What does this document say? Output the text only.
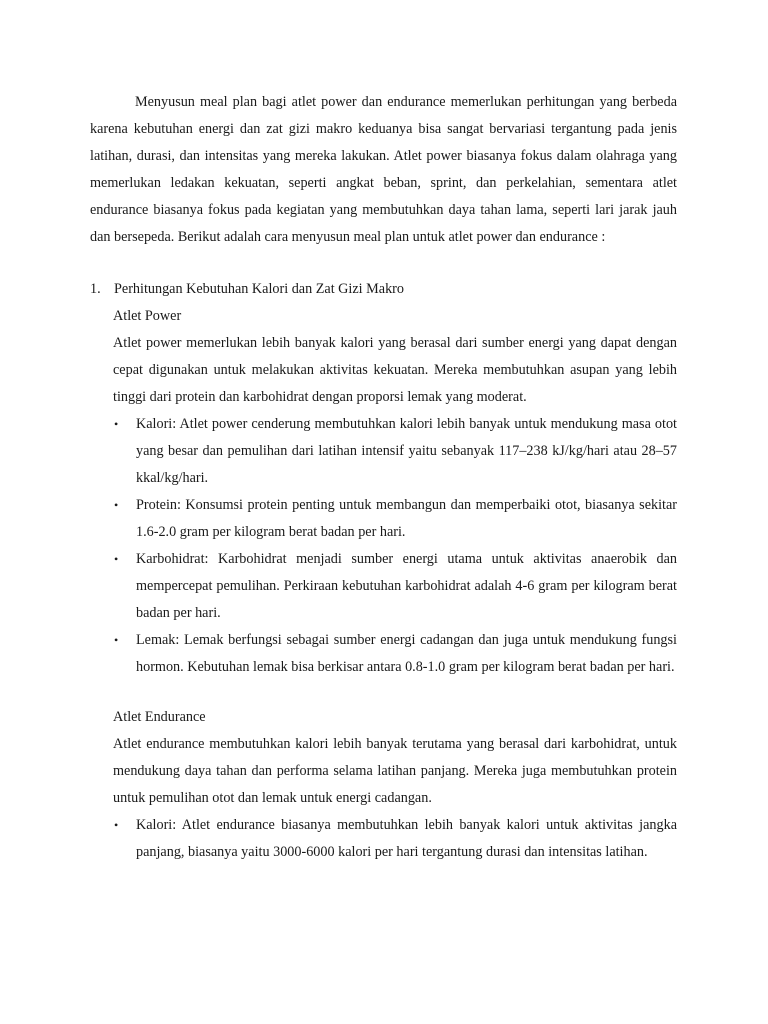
Menyusun meal plan bagi atlet power dan endurance memerlukan perhitungan yang berbeda karena kebutuhan energi dan zat gizi makro keduanya bisa sangat bervariasi tergantung pada jenis latihan, durasi, dan intensitas yang mereka lakukan. Atlet power biasanya fokus dalam olahraga yang memerlukan ledakan kekuatan, seperti angkat beban, sprint, dan perkelahian, sementara atlet endurance biasanya fokus pada kegiatan yang membutuhkan daya tahan lama, seperti lari jarak jauh dan bersepeda. Berikut adalah cara menyusun meal plan untuk atlet power dan endurance :

1. Perhitungan Kebutuhan Kalori dan Zat Gizi Makro

Atlet Power

Atlet power memerlukan lebih banyak kalori yang berasal dari sumber energi yang dapat dengan cepat digunakan untuk melakukan aktivitas kekuatan. Mereka membutuhkan asupan yang lebih tinggi dari protein dan karbohidrat dengan proporsi lemak yang moderat.

• Kalori: Atlet power cenderung membutuhkan kalori lebih banyak untuk mendukung masa otot yang besar dan pemulihan dari latihan intensif yaitu sebanyak 117–238 kJ/kg/hari atau 28–57 kkal/kg/hari.
• Protein: Konsumsi protein penting untuk membangun dan memperbaiki otot, biasanya sekitar 1.6-2.0 gram per kilogram berat badan per hari.
• Karbohidrat: Karbohidrat menjadi sumber energi utama untuk aktivitas anaerobik dan mempercepat pemulihan. Perkiraan kebutuhan karbohidrat adalah 4-6 gram per kilogram berat badan per hari.
• Lemak: Lemak berfungsi sebagai sumber energi cadangan dan juga untuk mendukung fungsi hormon. Kebutuhan lemak bisa berkisar antara 0.8-1.0 gram per kilogram berat badan per hari.

Atlet Endurance

Atlet endurance membutuhkan kalori lebih banyak terutama yang berasal dari karbohidrat, untuk mendukung daya tahan dan performa selama latihan panjang. Mereka juga membutuhkan protein untuk pemulihan otot dan lemak untuk energi cadangan.

• Kalori: Atlet endurance biasanya membutuhkan lebih banyak kalori untuk aktivitas jangka panjang, biasanya yaitu 3000-6000 kalori per hari tergantung durasi dan intensitas latihan.
